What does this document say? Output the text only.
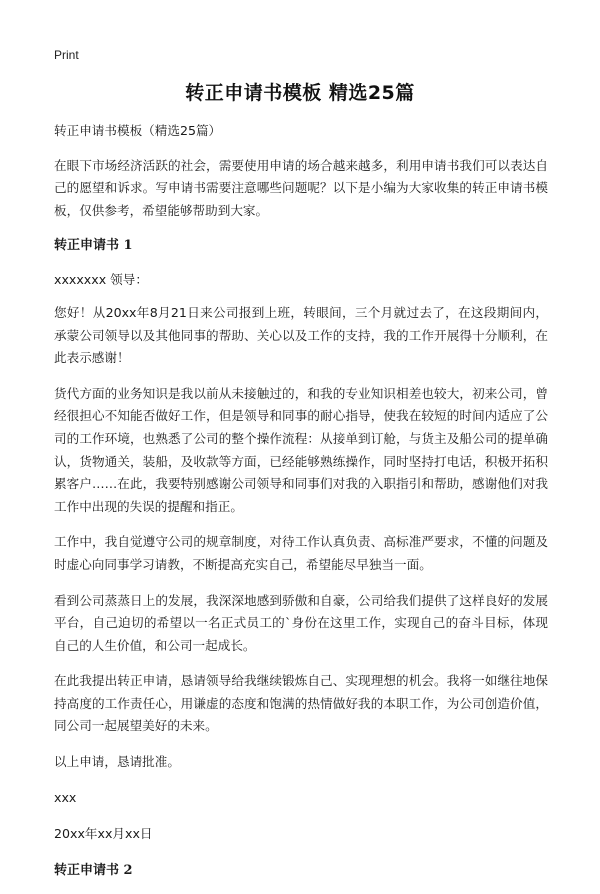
Print
转正申请书模板 精选25篇

转正申请书模板（精选25篇）

在眼下市场经济活跃的社会，需要使用申请的场合越来越多，利用申请书我们可以表达自己的愿望和诉求。写申请书需要注意哪些问题呢？以下是小编为大家收集的转正申请书模板，仅供参考，希望能够帮助到大家。

转正申请书 1

xxxxxxx 领导：

您好！从20xx年8月21日来公司报到上班，转眼间，三个月就过去了，在这段期间内，承蒙公司领导以及其他同事的帮助、关心以及工作的支持，我的工作开展得十分顺利，在此表示感谢！

货代方面的业务知识是我以前从未接触过的，和我的专业知识相差也较大，初来公司，曾经很担心不知能否做好工作，但是领导和同事的耐心指导，使我在较短的时间内适应了公司的工作环境，也熟悉了公司的整个操作流程：从接单到订舱，与货主及船公司的提单确认，货物通关，装船，及收款等方面，已经能够熟练操作，同时坚持打电话，积极开拓积累客户……在此，我要特别感谢公司领导和同事们对我的入职指引和帮助，感谢他们对我工作中出现的失误的提醒和指正。

工作中，我自觉遵守公司的规章制度，对待工作认真负责、高标准严要求，不懂的问题及时虚心向同事学习请教，不断提高充实自己，希望能尽早独当一面。

看到公司蒸蒸日上的发展，我深深地感到骄傲和自豪，公司给我们提供了这样良好的发展平台，自己迫切的希望以一名正式员工的`身份在这里工作，实现自己的奋斗目标，体现自己的人生价值，和公司一起成长。

在此我提出转正申请，恳请领导给我继续锻炼自己、实现理想的机会。我将一如继往地保持高度的工作责任心，用谦虚的态度和饱满的热情做好我的本职工作，为公司创造价值，同公司一起展望美好的未来。

以上申请，恳请批准。

xxx

20xx年xx月xx日

转正申请书 2
